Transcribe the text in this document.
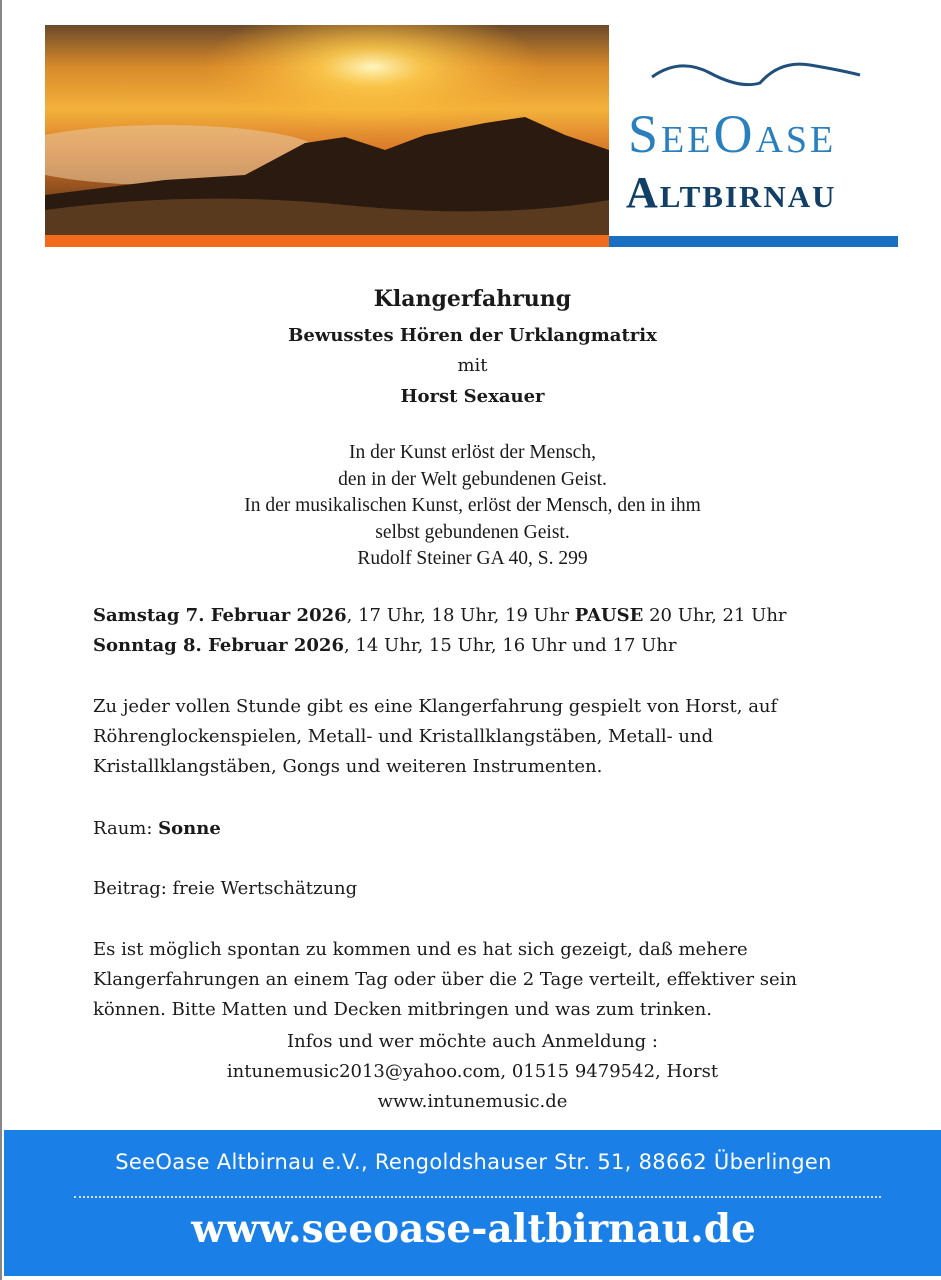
SeeOase
Altbirnau
Klangerfahrung
Bewusstes Hören der Urklangmatrix
mit
Horst Sexauer
In der Kunst erlöst der Mensch,
den in der Welt gebundenen Geist.
In der musikalischen Kunst, erlöst der Mensch, den in ihm
selbst gebundenen Geist.
Rudolf Steiner GA 40, S. 299
Samstag 7. Februar 2026, 17 Uhr, 18 Uhr, 19 Uhr PAUSE 20 Uhr, 21 Uhr
Sonntag 8. Februar 2026, 14 Uhr, 15 Uhr, 16 Uhr und 17 Uhr
Zu jeder vollen Stunde gibt es eine Klangerfahrung gespielt von Horst, auf Röhrenglockenspielen, Metall- und Kristallklangstäben, Metall- und Kristallklangstäben, Gongs und weiteren Instrumenten.
Raum: Sonne
Beitrag: freie Wertschätzung
Es ist möglich spontan zu kommen und es hat sich gezeigt, daß mehere Klangerfahrungen an einem Tag oder über die 2 Tage verteilt, effektiver sein können. Bitte Matten und Decken mitbringen und was zum trinken.
Infos und wer möchte auch Anmeldung :
intunemusic2013@yahoo.com, 01515 9479542, Horst
www.intunemusic.de
SeeOase Altbirnau e.V., Rengoldshauser Str. 51, 88662 Überlingen
www.seeoase-altbirnau.de
